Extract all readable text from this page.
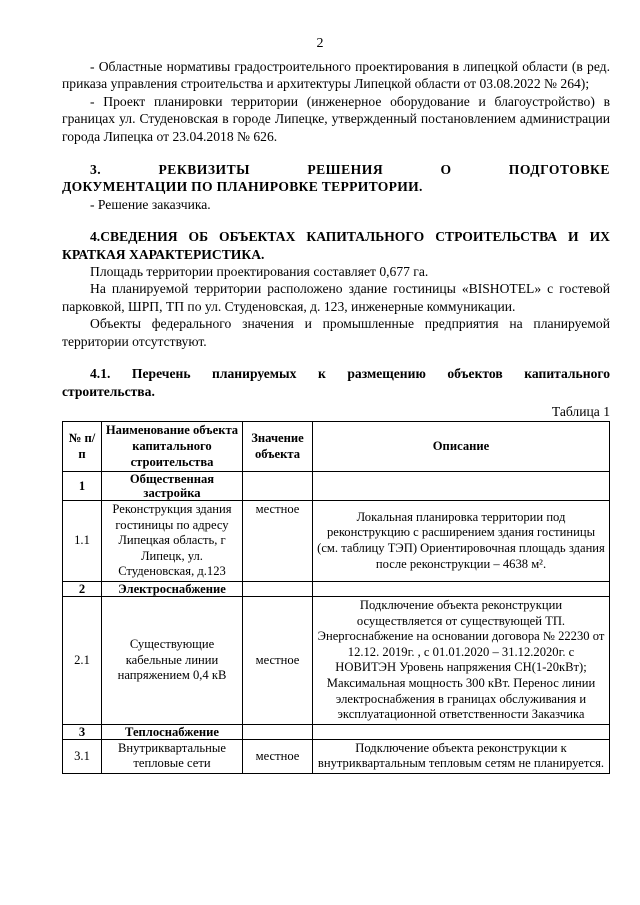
2

- Областные нормативы градостроительного проектирования в липецкой области (в ред. приказа управления строительства и архитектуры Липецкой области от 03.08.2022 № 264);

- Проект планировки территории (инженерное оборудование и благоустройство) в границах ул. Студеновская в городе Липецке, утвержденный постановлением администрации города Липецка от 23.04.2018 № 626.

3.	РЕКВИЗИТЫ	РЕШЕНИЯ	О	ПОДГОТОВКЕ
ДОКУМЕНТАЦИИ ПО ПЛАНИРОВКЕ ТЕРРИТОРИИ.

- Решение заказчика.

4.СВЕДЕНИЯ ОБ ОБЪЕКТАХ КАПИТАЛЬНОГО СТРОИТЕЛЬСТВА И ИХ КРАТКАЯ ХАРАКТЕРИСТИКА.

Площадь территории проектирования составляет 0,677 га.

На планируемой территории расположено здание гостиницы «BISHOTEL» с гостевой парковкой, ШРП, ТП по ул. Студеновская, д. 123, инженерные коммуникации.

Объекты федерального значения и промышленные предприятия на планируемой территории отсутствуют.

4.1. Перечень планируемых к размещению объектов капитального строительства.

Таблица 1
№ п/п	Наименование объекта капитального строительства	Значение объекта	Описание
1	Общественная застройка		
1.1	Реконструкция здания гостиницы по адресу Липецкая область, г Липецк, ул. Студеновская, д.123	местное	Локальная планировка территории под реконструкцию с расширением здания гостиницы (см. таблицу ТЭП) Ориентировочная площадь здания после реконструкции – 4638 м².
2	Электроснабжение		
2.1	Существующие кабельные линии напряжением 0,4 кВ	местное	Подключение объекта реконструкции осуществляется от существующей ТП. Энергоснабжение на основании договора № 22230 от 12.12. 2019г. , с 01.01.2020 – 31.12.2020г. с НОВИТЭН Уровень напряжения СН(1-20кВт); Максимальная мощность 300 кВт. Перенос линии электроснабжения в границах обслуживания и эксплуатационной ответственности Заказчика
3	Теплоснабжение		
3.1	Внутриквартальные тепловые сети	местное	Подключение объекта реконструкции к внутриквартальным тепловым сетям не планируется.
